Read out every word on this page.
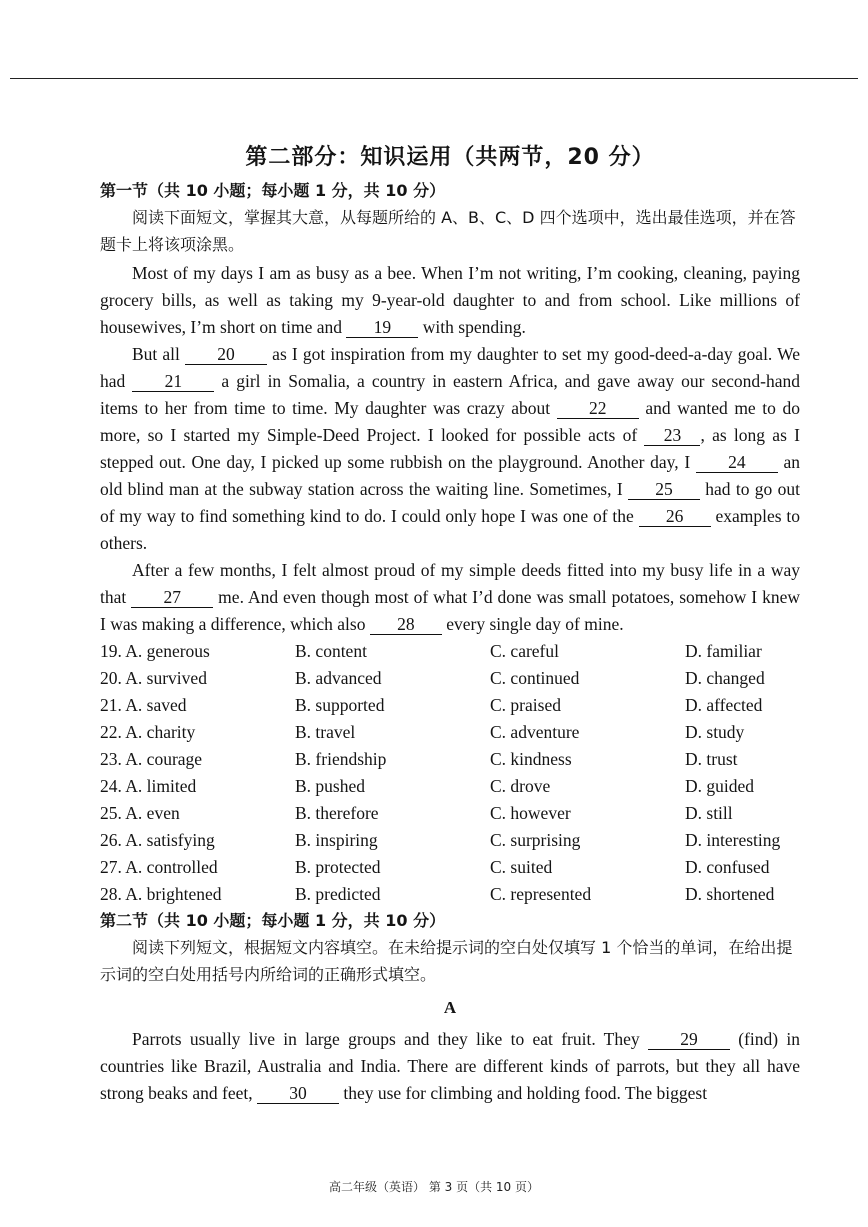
第二部分：知识运用（共两节，20 分）

第一节（共 10 小题；每小题 1 分，共 10 分）

阅读下面短文，掌握其大意，从每题所给的 A、B、C、D 四个选项中，选出最佳选项，并在答题卡上将该项涂黑。

Most of my days I am as busy as a bee. When I’m not writing, I’m cooking, cleaning, paying grocery bills, as well as taking my 9-year-old daughter to and from school. Like millions of housewives, I’m short on time and 19 with spending.

But all 20 as I got inspiration from my daughter to set my good-deed-a-day goal. We had 21 a girl in Somalia, a country in eastern Africa, and gave away our second-hand items to her from time to time. My daughter was crazy about 22 and wanted me to do more, so I started my Simple-Deed Project. I looked for possible acts of 23 , as long as I stepped out. One day, I picked up some rubbish on the playground. Another day, I 24 an old blind man at the subway station across the waiting line. Sometimes, I 25 had to go out of my way to find something kind to do. I could only hope I was one of the 26 examples to others.

After a few months, I felt almost proud of my simple deeds fitted into my busy life in a way that 27 me. And even though most of what I’d done was small potatoes, somehow I knew I was making a difference, which also 28 every single day of mine.

19. A. generous	B. content	C. careful	D. familiar
20. A. survived	B. advanced	C. continued	D. changed
21. A. saved	B. supported	C. praised	D. affected
22. A. charity	B. travel	C. adventure	D. study
23. A. courage	B. friendship	C. kindness	D. trust
24. A. limited	B. pushed	C. drove	D. guided
25. A. even	B. therefore	C. however	D. still
26. A. satisfying	B. inspiring	C. surprising	D. interesting
27. A. controlled	B. protected	C. suited	D. confused
28. A. brightened	B. predicted	C. represented	D. shortened

第二节（共 10 小题；每小题 1 分，共 10 分）

阅读下列短文，根据短文内容填空。在未给提示词的空白处仅填写 1 个恰当的单词，在给出提示词的空白处用括号内所给词的正确形式填空。

A

Parrots usually live in large groups and they like to eat fruit. They 29 (find) in countries like Brazil, Australia and India. There are different kinds of parrots, but they all have strong beaks and feet, 30 they use for climbing and holding food. The biggest

高二年级（英语） 第 3 页（共 10 页）
